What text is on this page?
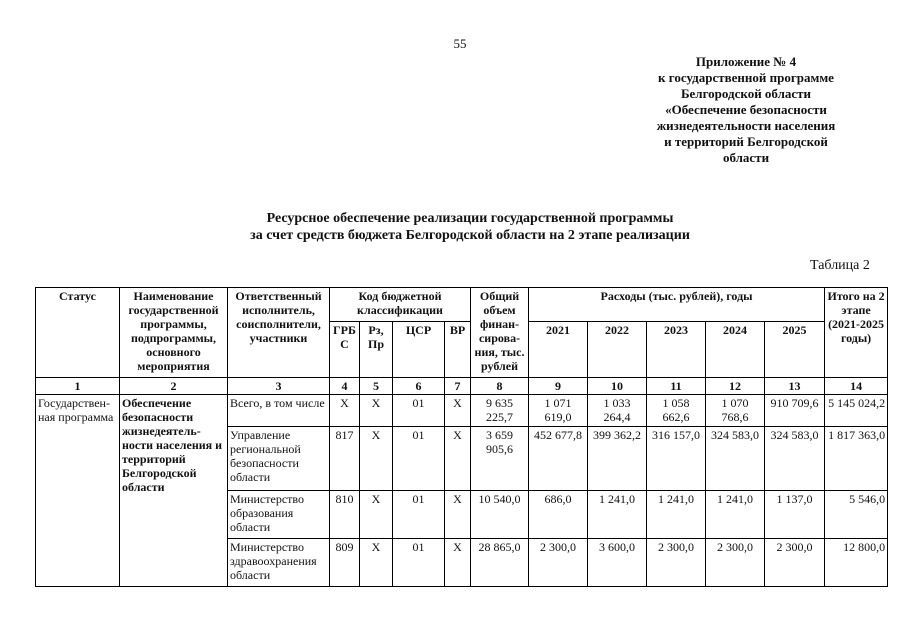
55
Приложение № 4
к государственной программе
Белгородской области
«Обеспечение безопасности
жизнедеятельности населения
и территорий Белгородской
области
Ресурсное обеспечение реализации государственной программы
за счет средств бюджета Белгородской области на 2 этапе реализации
Таблица 2
Статус	Наименование государственной программы, подпрограммы, основного мероприятия	Ответственный исполнитель, соисполнители, участники	Код бюджетной классификации				Общий объем финан-сирова-ния, тыс. рублей	Расходы (тыс. рублей), годы					Итого на 2 этапе (2021-2025 годы)
			ГРБС	Рз, Пр	ЦСР	ВР		2021	2022	2023	2024	2025	
1	2	3	4	5	6	7	8	9	10	11	12	13	14
Государствен-ная программа	Обеспечение безопасности жизнедеятель-ности населения и территорий Белгородской области	Всего, в том числе	Х	Х	01	Х	9 635 225,7	1 071 619,0	1 033 264,4	1 058 662,6	1 070 768,6	910 709,6	5 145 024,2
		Управление региональной безопасности области	817	Х	01	Х	3 659 905,6	452 677,8	399 362,2	316 157,0	324 583,0	324 583,0	1 817 363,0
		Министерство образования области	810	Х	01	Х	10 540,0	686,0	1 241,0	1 241,0	1 241,0	1 137,0	5 546,0
		Министерство здравоохранения области	809	Х	01	Х	28 865,0	2 300,0	3 600,0	2 300,0	2 300,0	2 300,0	12 800,0
